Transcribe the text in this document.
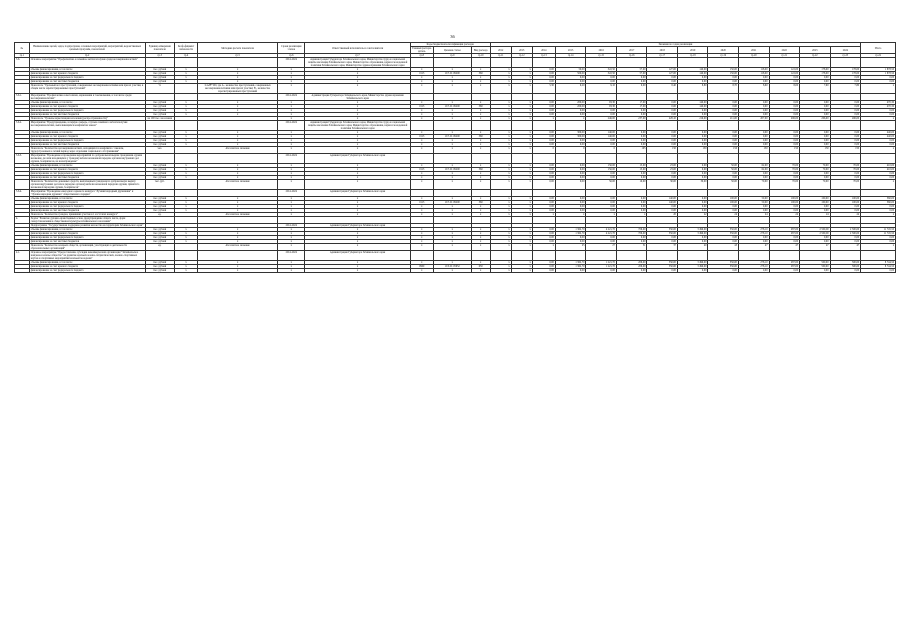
36
№	Наименование целей, задач, подпрограмм, основных мероприятий, мероприятий, ведомственных целевых программ, показателей	Единица измерения показателя	Коэф-фициент значи-мости	Методика расчета показателя	Сроки реализации этапов	Ответственный исполнитель и соисполнители	Коды бюджетной классификации расходов			Значения по годам реализации													Итого
							Главный распоря-дитель	Целевая статья	Вид расхода	2012	2013	2014	2015	2016	2017	2018	2019	2020	2021	2022	2023	2024	
гр.1	гр.2	гр.3	гр.4	гр.5	гр.6	гр.7	гр.8	гр.9	гр.10	гр.11	гр.12	гр.13	гр.14	гр.15	гр.16	гр.17	гр.18	гр.19	гр.20	гр.21	гр.22	гр.23	гр.24
3.6.	Основное мероприятие "Профилактика и семейное неблагополучие среди несовершеннолетних"				2014-2024	Администрация Губернатора Забайкальского края, Министерство труда и социальной защиты населения Забайкальского края, Министерство образования, науки и молодежной политики Забайкальского края, Министерство здравоохранения Забайкальского края																	
	объемы финансирования, в том числе	тыс. рублей	x	x	x	x	x	x	x	x	x	0,00	50,00	322,50	57,00	127,00	140,00	150,00	118,00	122,00	178,00	178,00	1 878,50
	финансирование за счет краевого бюджета	тыс. рублей	x	x	x	x	0113	19 5 01 09200	360	x	x	0,00	500,00	322,50	57,00	127,00	140,00	150,00	118,00	122,00	178,00	178,00	1 878,50
	финансирование за счет федерального бюджета	тыс. рублей	x	x	x	x	x	x	x	x	x	0,00	0,00	0,00	0,00	0,00	0,00	0,00	0,00	0,00	0,00	0,00	0,00
	финансирование за счет местных бюджетов	тыс. рублей	x	x	x	x	x	x	x	x	x	0,00	0,00	0,00	0,00	0,00	0,00	0,00	0,00	0,00	0,00	0,00	0,00
	Показатель "Удельный вес преступлений, совершенных несовершеннолетними или при их участии, в общем числе зарегистрированных преступлений"	%		I=A/B*100, где А - количество преступлений, совершенных несовершеннолетними или при их участии; В - количество зарегистрированных преступлений	x	x	x	x	x	x	x	5,30	9,20	9,10	9,00	8,40	8,80	8,70	8,60	8,00	7,90	7,80	x
3.6.1.	Мероприятие "Профилактика алкоголизма, наркомании и токсикомании, в том числе среди несовершеннолетних"				2014-2024	Администрация Губернатора Забайкальского края, Министерство здравоохранения Забайкальского края																	
	объемы финансирования, в том числе	тыс. рублей	x	x	x	x	x	x	x	x	x	0,00	200,00	93,30	17,00	0,00	140,00	0,00	0,00	0,00	0,00	0,00	470,30
	финансирование за счет краевого бюджета	тыс. рублей	x	x	x	x	0113	19 5 01 09200	360	x	x	0,00	200,00	93,30	17,00	0,00	140,00	0,00	0,00	0,00	0,00	0,00	470,30
	финансирование за счет федерального бюджета	тыс. рублей	x	x	x	x	x	x	x	x	x	0,00	0,00	0,00	0,00	0,00	0,00	0,00	0,00	0,00	0,00	0,00	0,00
	финансирование за счет местных бюджетов	тыс. рублей	x	x	x	x	x	x	x	x	x	0,00	0,00	0,00	0,00	0,00	0,00	0,00	0,00	0,00	0,00	0,00	0,00
	Показатель "Уровень наркотизации населения (распространенности)"	на 100 тыс. населения			x	x	x	x	x	x	x	x	x	246,00	237,00	228,10	219,00	211,00	207,00	206,00	206,00	206,00	x
3.6.2.	Мероприятие "Предупреждение, в первую очередь, случаев семейного неблагополучия несовершеннолетних, выполняющихся конфликтом закона"				2014-2024	Администрация Губернатора Забайкальского края, Министерство труда и социальной защиты населения Забайкальского края, Министерство образования, науки и молодежной политики Забайкальского края																	
	объемы финансирования, в том числе	тыс. рублей	x	x	x	x	x	x	x	x	x	0,00	300,00	140,00	0,00	0,00	0,00	0,00	0,00	0,00	0,00	0,00	440,00
	финансирование за счет краевого бюджета	тыс. рублей	x	x	x	x	0113	19 5 01 09200	360	x	x	0,00	300,00	140,00	0,00	0,00	0,00	0,00	0,00	0,00	0,00	0,00	440,00
	финансирование за счет федерального бюджета	тыс. рублей	x	x	x	x	x	x	x	x	x	0,00	0,00	0,00	0,00	0,00	0,00	0,00	0,00	0,00	0,00	0,00	0,00
	финансирование за счет местных бюджетов	тыс. рублей	x	x	x	x	x	x	x	x	x	0,00	0,00	0,00	0,00	0,00	0,00	0,00	0,00	0,00	0,00	0,00	0,00
	Показатель "Количество несовершеннолетних, находящихся в конфликте с законом, трудоустроенных в летний период через отделения социального обслуживания"	чел.		Абсолютное значение	x	x	x	x	x	x	x	0	0	0	105	150	150	150	150	150	150	150	x
3.6.3.	Мероприятие "Проведение и проведение мероприятий по добровольной выдаче гражданами оружия незаконно дел или находящемся у граждан) мебели незаконной передаче органам внутренних дел оружия, боеприпасов, на вознаграждение"				2014-2024	Администрация Губернатора Забайкальского края																	
	объемы финансирования, в том числе	тыс. рублей	x	x	x	x	x	x	x	x	x	0,00	0,00	150,00	15,00	23,00	0,00	50,00	62,00	70,00	70,00	70,00	410,00
	финансирование за счет краевого бюджета	тыс. рублей	x	x	x	x	0113	19 5 01 09200	360	x	x	0,00	0,00	150,00	15,00	23,00	0,00	50,00	62,00	70,00	70,00	70,00	410,00
	финансирование за счет федерального бюджета	тыс. рублей	x	x	x	x	x	x	x	x	x	0,00	0,00	0,00	0,00	0,00	0,00	0,00	0,00	0,00	0,00	0,00	0,00
	финансирование за счет местных бюджетов	тыс. рублей	x	x	x	x	x	x	x	x	x	0,00	0,00	0,00	0,00	0,00	0,00	0,00	0,00	0,00	0,00	0,00	0,00
	Показатель "Количество денежных средств, выплаченных гражданам за добровольную выдачу органам внутренних дел или к передаче органам) мебели незаконной передачи оружия, принятого незаконной передачи оружия, боеприпасов"	тыс. руб.		Абсолютное значение	x	x	x	x	x	x	x	0,00	0,00	50,00	10,00	30,00	30,00	50,00	70,00	70,00	70,00	70,00	x
3.6.4.	Мероприятие "Проведение ежегодного краевого конкурса "Лучший народный дружинник" и "Лучшая народная дружина" общественного порядка"				2014-2024	Администрация Губернатора Забайкальского края																	
	объемы финансирования, в том числе	тыс. рублей	x	x	x	x	x	x	x	x	x	0,00	0,00	0,00	0,00	140,00	0,00	100,00	50,00	100,00	100,00	100,00	360,00
	финансирование за счет краевого бюджета	тыс. рублей	x	x	x	x	0113	19 5 01 09200	360	x	x	0,00	0,00	0,00	0,00	140,00	0,00	100,00	50,00	100,00	100,00	100,00	360,00
	финансирование за счет федерального бюджета	тыс. рублей	x	x	x	x	x	x	x	x	x	0,00	0,00	0,00	0,00	0,00	0,00	0,00	0,00	0,00	0,00	0,00	0,00
	финансирование за счет местных бюджетов	тыс. рублей	x	x	x	x	x	x	x	x	x	0,00	0,00	0,00	0,00	0,00	0,00	0,00	0,00	0,00	0,00	0,00	0,00
	Показатель "Количество граждан, принявших участие в 1 и 2 этапах конкурса"	ед.		Абсолютное значение	x	x	x	x	x	x	x	x	x	x	x	20	22	24	24	24	24	24	x
4.	Задача "Развитие духовно-нравственных основ, предупреждение общего числа, форм самоустановления и общественной культуры забайкальского населения"																						
	Подпрограмма "Государственная поддержка развития казачества на территории Забайкальского края"				2014-2024	Администрация Губернатора Забайкальского края																	
	объемы финансирования, в том числе	тыс. рублей	x	x	x	x	x	x	x	x	x	0,00	1 362,70	4 221,70	706,00	350,00	3 499,00	350,00	278,10	287,00	2 500,00	2 500,00	11 745,50
	финансирование за счет краевого бюджета	тыс. рублей	x	x	x	x	x	x	x	x	x	0,00	1 362,70	4 221,70	706,00	350,00	3 499,00	350,00	278,10	287,00	2 500,00	2 500,00	11 745,50
	финансирование за счет федерального бюджета	тыс. рублей	x	x	x	x	x	x	x	x	x	0,00	0,00	0,00	0,00	0,00	0,00	0,00	0,00	0,00	0,00	0,00	0,00
	финансирование за счет местных бюджетов	тыс. рублей	x	x	x	x	x	x	x	x	x	0,00	0,00	0,00	0,00	0,00	0,00	0,00	0,00	0,00	0,00	0,00	0,00
	Показатель "Количество казачьих обществ, организаций, участвующих в деятельности образовательных организаций"	ед.		Абсолютное значение	x	x	x	x	x	x	x	x	25	27	31	37	40	43	47	47	47	47	x
4.1.	Основное мероприятие "Предоставление субсидии некоммерческой организации "Забайкальское войсковое казачье общество" на развитие казачьих военно-патриотических, военно-спортивных клубов и спортивных мероприятий казачьей молодежи"				2014-2024	Администрация Губернатора Забайкальского края																	
	объемы финансирования, в том числе	тыс. рублей	x	x	x	x	x	x	x	x	x	0,00	1 362,70	1 221,70	206,00	350,00	3 499,00	350,00	278,10	287,00	500,00	500,00	8 744,50
	финансирование за счет краевого бюджета	тыс. рублей	x	x	x	x	0900	19 6 01 05952	630	x	x	0,00	1 362,70	1 221,70	206,00	350,00	3 499,00	350,00	278,10	287,00	500,00	500,00	8 744,50
	финансирование за счет федерального бюджета	тыс. рублей	x	x	x	x	x	x	x	x	x	0,00	0,00	0,00	0,00	0,00	0,00	0,00	0,00	0,00	0,00	0,00	0,00
